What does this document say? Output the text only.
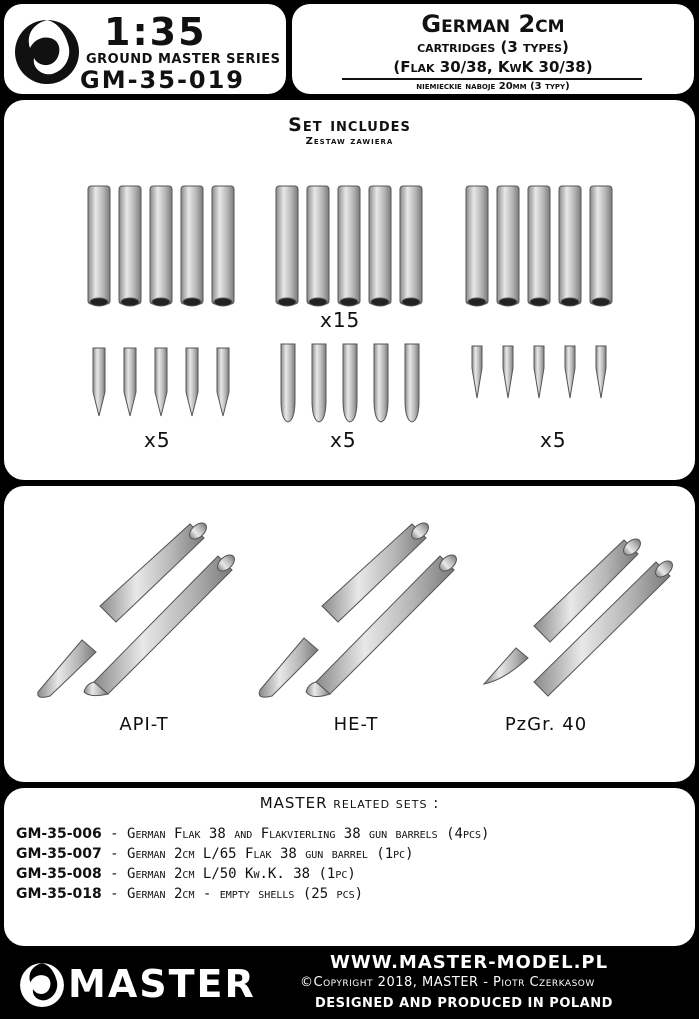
1:35
GROUND MASTER SERIES
GM-35-019
German 2cm
cartridges (3 types)
(Flak 30/38, KwK 30/38)
niemieckie naboje 20mm (3 typy)
Set includes
Zestaw zawiera
x15
x5	x5	x5
API-T	HE-T	PzGr. 40
MASTER related sets :
GM-35-006 - German Flak 38 and Flakvierling 38 gun barrels (4pcs)
GM-35-007 - German 2cm L/65 Flak 38 gun barrel (1pc)
GM-35-008 - German 2cm L/50 Kw.K. 38 (1pc)
GM-35-018 - German 2cm - empty shells (25 pcs)
MASTER	WWW.MASTER-MODEL.PL
©Copyright 2018, MASTER - Piotr Czerkasow
DESIGNED AND PRODUCED IN POLAND
